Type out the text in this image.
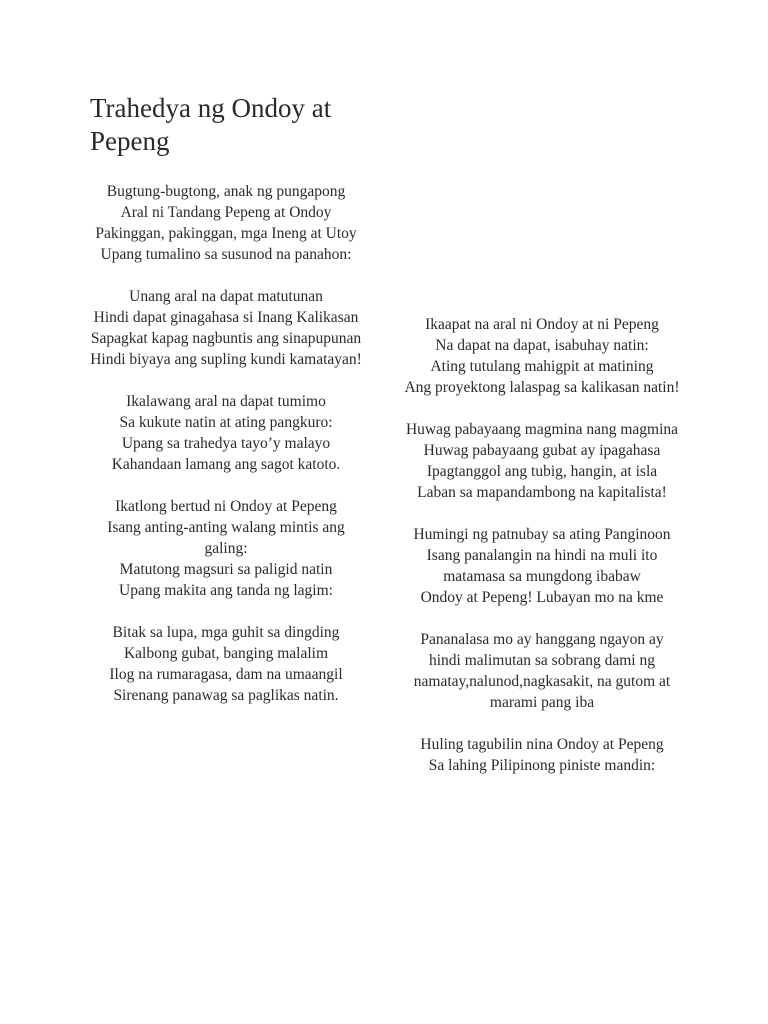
Trahedya ng Ondoy at Pepeng

Bugtung-bugtong, anak ng pungapong
Aral ni Tandang Pepeng at Ondoy
Pakinggan, pakinggan, mga Ineng at Utoy
Upang tumalino sa susunod na panahon:

Unang aral na dapat matutunan
Hindi dapat ginagahasa si Inang Kalikasan
Sapagkat kapag nagbuntis ang sinapupunan
Hindi biyaya ang supling kundi kamatayan!

Ikalawang aral na dapat tumimo
Sa kukute natin at ating pangkuro:
Upang sa trahedya tayo’y malayo
Kahandaan lamang ang sagot katoto.

Ikatlong bertud ni Ondoy at Pepeng
Isang anting-anting walang mintis ang galing:
Matutong magsuri sa paligid natin
Upang makita ang tanda ng lagim:

Bitak sa lupa, mga guhit sa dingding
Kalbong gubat, banging malalim
Ilog na rumaragasa, dam na umaangil
Sirenang panawag sa paglikas natin.

Ikaapat na aral ni Ondoy at ni Pepeng
Na dapat na dapat, isabuhay natin:
Ating tutulang mahigpit at matining
Ang proyektong lalaspag sa kalikasan natin!

Huwag pabayaang magmina nang magmina
Huwag pabayaang gubat ay ipagahasa
Ipagtanggol ang tubig, hangin, at isla
Laban sa mapandambong na kapitalista!

Humingi ng patnubay sa ating Panginoon
Isang panalangin na hindi na muli ito matamasa sa mungdong ibabaw
Ondoy at Pepeng! Lubayan mo na kme

Pananalasa mo ay hanggang ngayon ay hindi malimutan sa sobrang dami ng namatay,nalunod,nagkasakit, na gutom at marami pang iba

Huling tagubilin nina Ondoy at Pepeng
Sa lahing Pilipinong piniste mandin:
